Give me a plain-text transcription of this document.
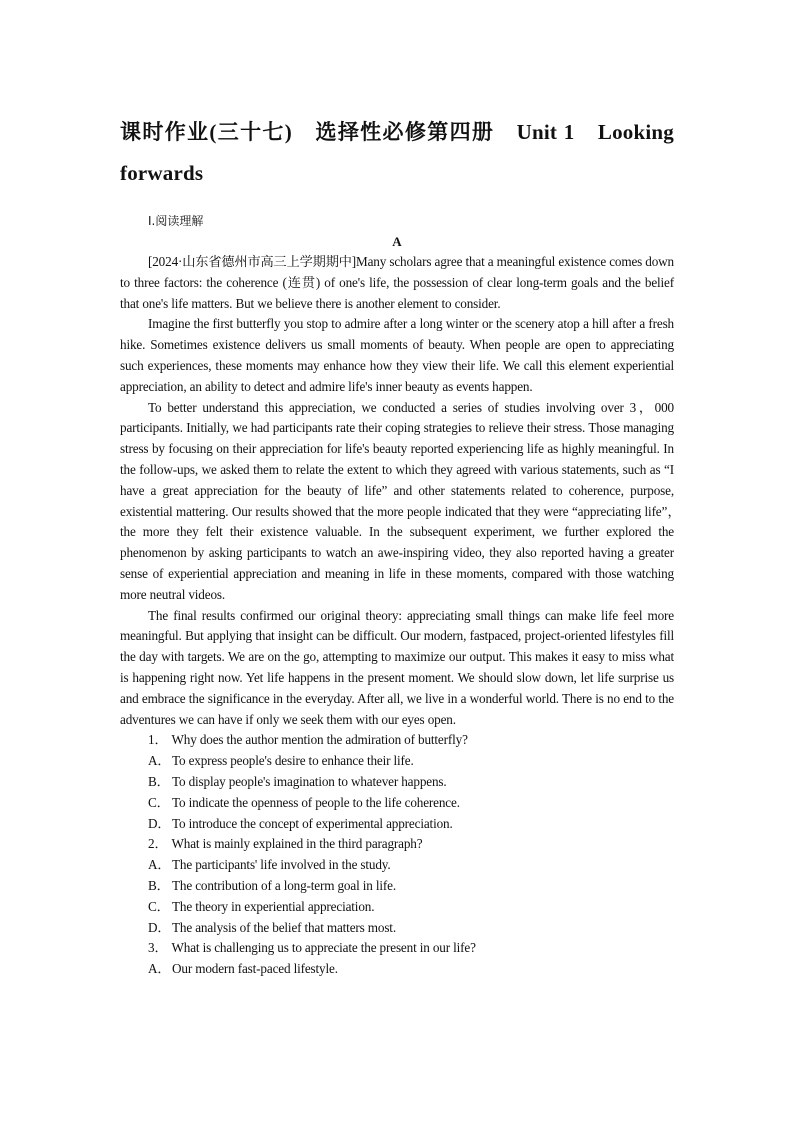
课时作业(三十七)　选择性必修第四册　Unit 1　Looking
forwards
Ⅰ.阅读理解
A

[2024·山东省德州市高三上学期期中]Many scholars agree that a meaningful existence comes down to three factors: the coherence (连贯) of one's life, the possession of clear long-term goals and the belief that one's life matters. But we believe there is another element to consider.

Imagine the first butterfly you stop to admire after a long winter or the scenery atop a hill after a fresh hike. Sometimes existence delivers us small moments of beauty. When people are open to appreciating such experiences, these moments may enhance how they view their life. We call this element experiential appreciation, an ability to detect and admire life's inner beauty as events happen.

To better understand this appreciation, we conducted a series of studies involving over 3，000 participants. Initially, we had participants rate their coping strategies to relieve their stress. Those managing stress by focusing on their appreciation for life's beauty reported experiencing life as highly meaningful. In the follow-ups, we asked them to relate the extent to which they agreed with various statements, such as “I have a great appreciation for the beauty of life” and other statements related to coherence, purpose, existential mattering. Our results showed that the more people indicated that they were “appreciating life”，　the more they felt their existence valuable. In the subsequent experiment, we further explored the phenomenon by asking participants to watch an awe-inspiring video, they also reported having a greater sense of experiential appreciation and meaning in life in these moments, compared with those watching more neutral videos.

The final results confirmed our original theory: appreciating small things can make life feel more meaningful. But applying that insight can be difficult. Our modern, fastpaced, project-oriented lifestyles fill the day with targets. We are on the go, attempting to maximize our output. This makes it easy to miss what is happening right now. Yet life happens in the present moment. We should slow down, let life surprise us and embrace the significance in the everyday. After all, we live in a wonderful world. There is no end to the adventures we can have if only we seek them with our eyes open.

1． Why does the author mention the admiration of butterfly?

A． To express people's desire to enhance their life.

B． To display people's imagination to whatever happens.

C． To indicate the openness of people to the life coherence.

D． To introduce the concept of experimental appreciation.

2． What is mainly explained in the third paragraph?

A． The participants' life involved in the study.

B． The contribution of a long-term goal in life.

C． The theory in experiential appreciation.

D． The analysis of the belief that matters most.

3． What is challenging us to appreciate the present in our life?

A． Our modern fast-paced lifestyle.
